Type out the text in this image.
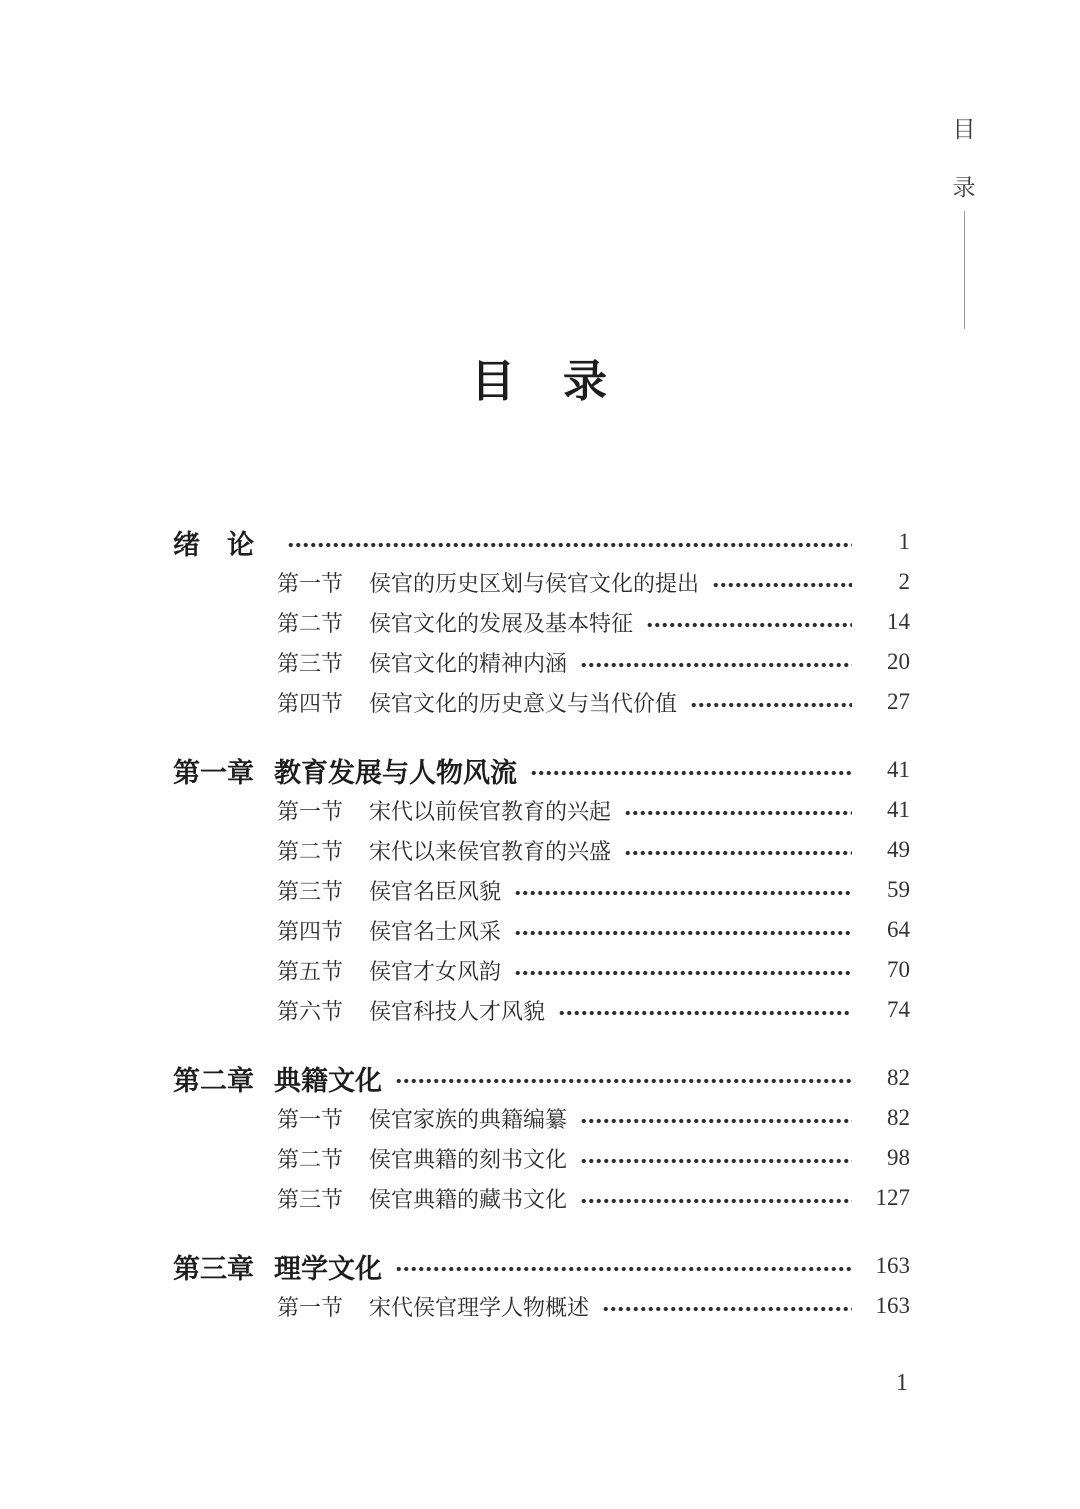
目
录
目　录
绪　论	1
第一节 侯官的历史区划与侯官文化的提出	2
第二节 侯官文化的发展及基本特征	14
第三节 侯官文化的精神内涵	20
第四节 侯官文化的历史意义与当代价值	27
第一章 教育发展与人物风流	41
第一节 宋代以前侯官教育的兴起	41
第二节 宋代以来侯官教育的兴盛	49
第三节 侯官名臣风貌	59
第四节 侯官名士风采	64
第五节 侯官才女风韵	70
第六节 侯官科技人才风貌	74
第二章 典籍文化	82
第一节 侯官家族的典籍编纂	82
第二节 侯官典籍的刻书文化	98
第三节 侯官典籍的藏书文化	127
第三章 理学文化	163
第一节 宋代侯官理学人物概述	163
1
